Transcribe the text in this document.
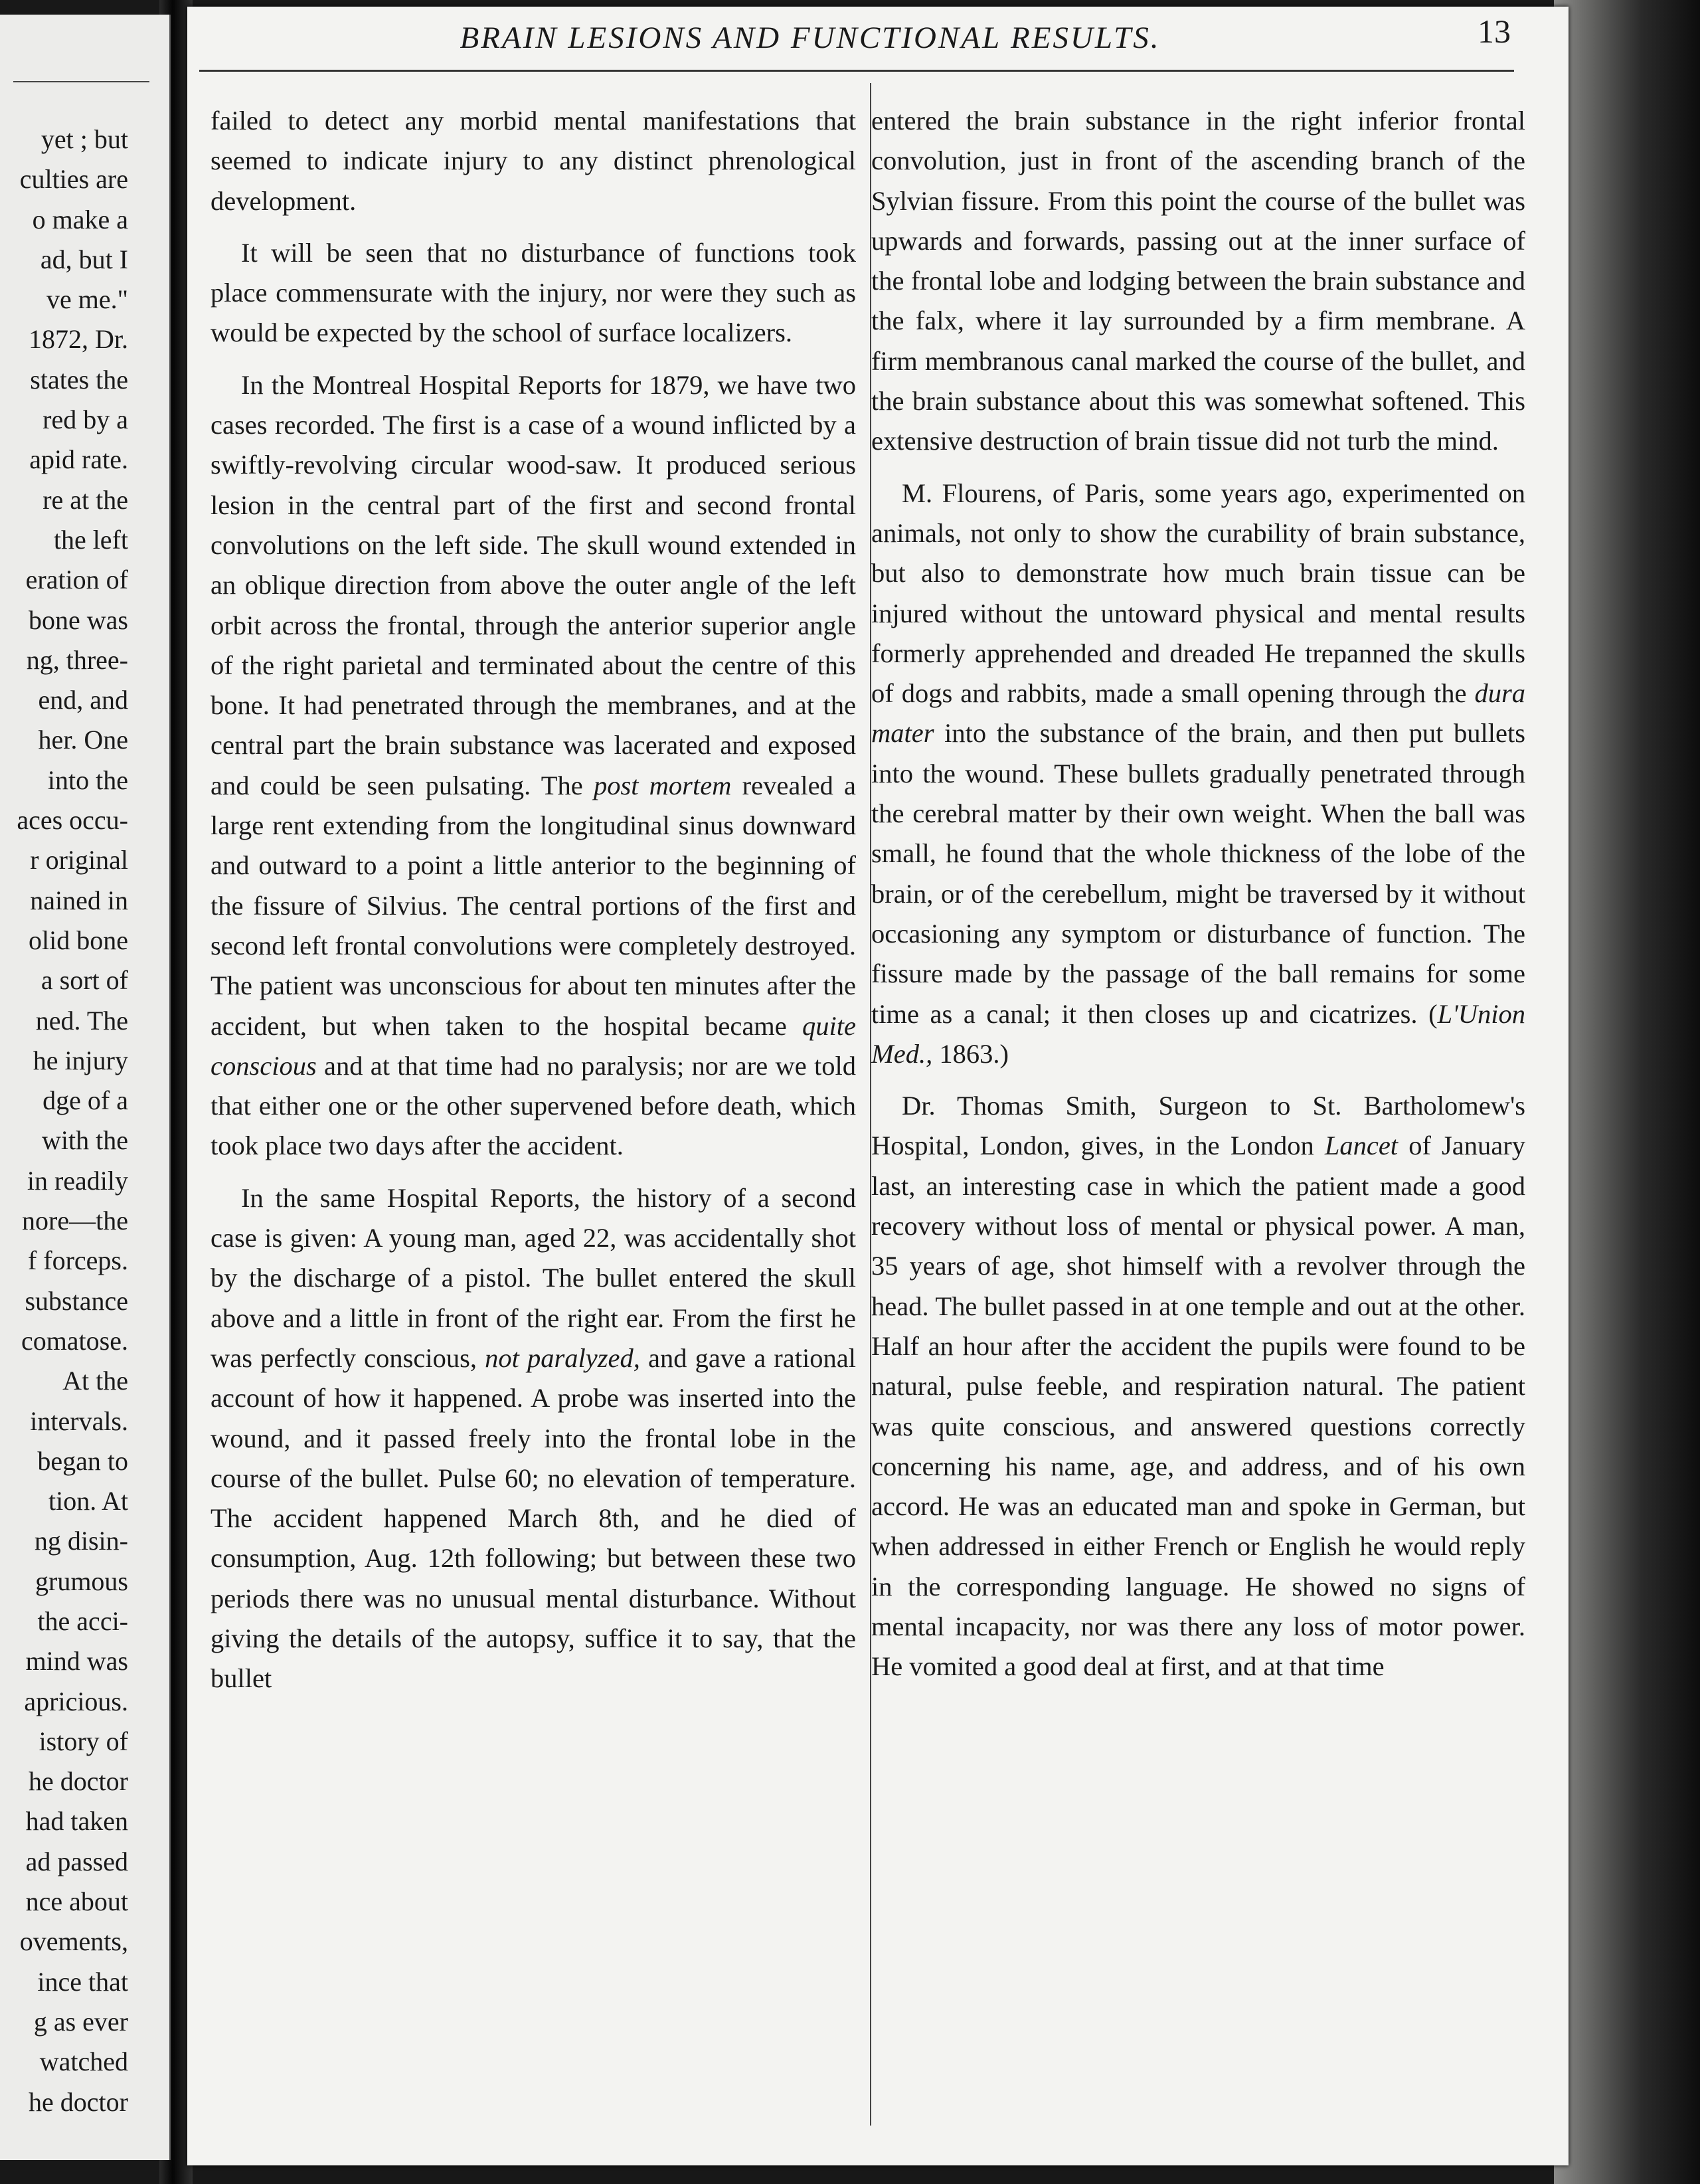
yet ; but
culties are
o make a
ad, but I
ve me."
1872, Dr.
states the
red by a
apid rate.
re at the
the left
eration of
bone was
ng, three-
end, and
her. One
into the
aces occu-
r original
nained in
olid bone
a sort of
ned. The
he injury
dge of a
with the
in readily
nore—the
f forceps.
substance
comatose.
At the
intervals.
began to
tion. At
ng disin-
grumous
the acci-
mind was
apricious.
istory of
he doctor
had taken
ad passed
nce about
ovements,
ince that
g as ever
watched
he doctor
BRAIN LESIONS AND FUNCTIONAL RESULTS.	13

failed to detect any morbid mental manifestations that seemed to indicate injury to any distinct phrenological development.

It will be seen that no disturbance of functions took place commensurate with the injury, nor were they such as would be expected by the school of surface localizers.

In the Montreal Hospital Reports for 1879, we have two cases recorded. The first is a case of a wound inflicted by a swiftly-revolving circular wood-saw. It produced serious lesion in the central part of the first and second frontal convolutions on the left side. The skull wound extended in an oblique direction from above the outer angle of the left orbit across the frontal, through the anterior superior angle of the right parietal and terminated about the centre of this bone. It had penetrated through the membranes, and at the central part the brain substance was lacerated and exposed and could be seen pulsating. The post mortem revealed a large rent extending from the longitudinal sinus downward and outward to a point a little anterior to the beginning of the fissure of Silvius. The central portions of the first and second left frontal convolutions were completely destroyed. The patient was unconscious for about ten minutes after the accident, but when taken to the hospital became quite conscious and at that time had no paralysis; nor are we told that either one or the other supervened before death, which took place two days after the accident.

In the same Hospital Reports, the history of a second case is given: A young man, aged 22, was accidentally shot by the discharge of a pistol. The bullet entered the skull above and a little in front of the right ear. From the first he was perfectly conscious, not paralyzed, and gave a rational account of how it happened. A probe was inserted into the wound, and it passed freely into the frontal lobe in the course of the bullet. Pulse 60; no elevation of temperature. The accident happened March 8th, and he died of consumption, Aug. 12th following; but between these two periods there was no unusual mental disturbance. Without giving the details of the autopsy, suffice it to say, that the bullet

entered the brain substance in the right inferior frontal convolution, just in front of the ascending branch of the Sylvian fissure. From this point the course of the bullet was upwards and forwards, passing out at the inner surface of the frontal lobe and lodging between the brain substance and the falx, where it lay surrounded by a firm membrane. A firm membranous canal marked the course of the bullet, and the brain substance about this was somewhat softened. This extensive destruction of brain tissue did not turb the mind.

M. Flourens, of Paris, some years ago, experimented on animals, not only to show the curability of brain substance, but also to demonstrate how much brain tissue can be injured without the untoward physical and mental results formerly apprehended and dreaded He trepanned the skulls of dogs and rabbits, made a small opening through the dura mater into the substance of the brain, and then put bullets into the wound. These bullets gradually penetrated through the cerebral matter by their own weight. When the ball was small, he found that the whole thickness of the lobe of the brain, or of the cerebellum, might be traversed by it without occasioning any symptom or disturbance of function. The fissure made by the passage of the ball remains for some time as a canal; it then closes up and cicatrizes. (L'Union Med., 1863.)

Dr. Thomas Smith, Surgeon to St. Bartholomew's Hospital, London, gives, in the London Lancet of January last, an interesting case in which the patient made a good recovery without loss of mental or physical power. A man, 35 years of age, shot himself with a revolver through the head. The bullet passed in at one temple and out at the other. Half an hour after the accident the pupils were found to be natural, pulse feeble, and respiration natural. The patient was quite conscious, and answered questions correctly concerning his name, age, and address, and of his own accord. He was an educated man and spoke in German, but when addressed in either French or English he would reply in the corresponding language. He showed no signs of mental incapacity, nor was there any loss of motor power. He vomited a good deal at first, and at that time
